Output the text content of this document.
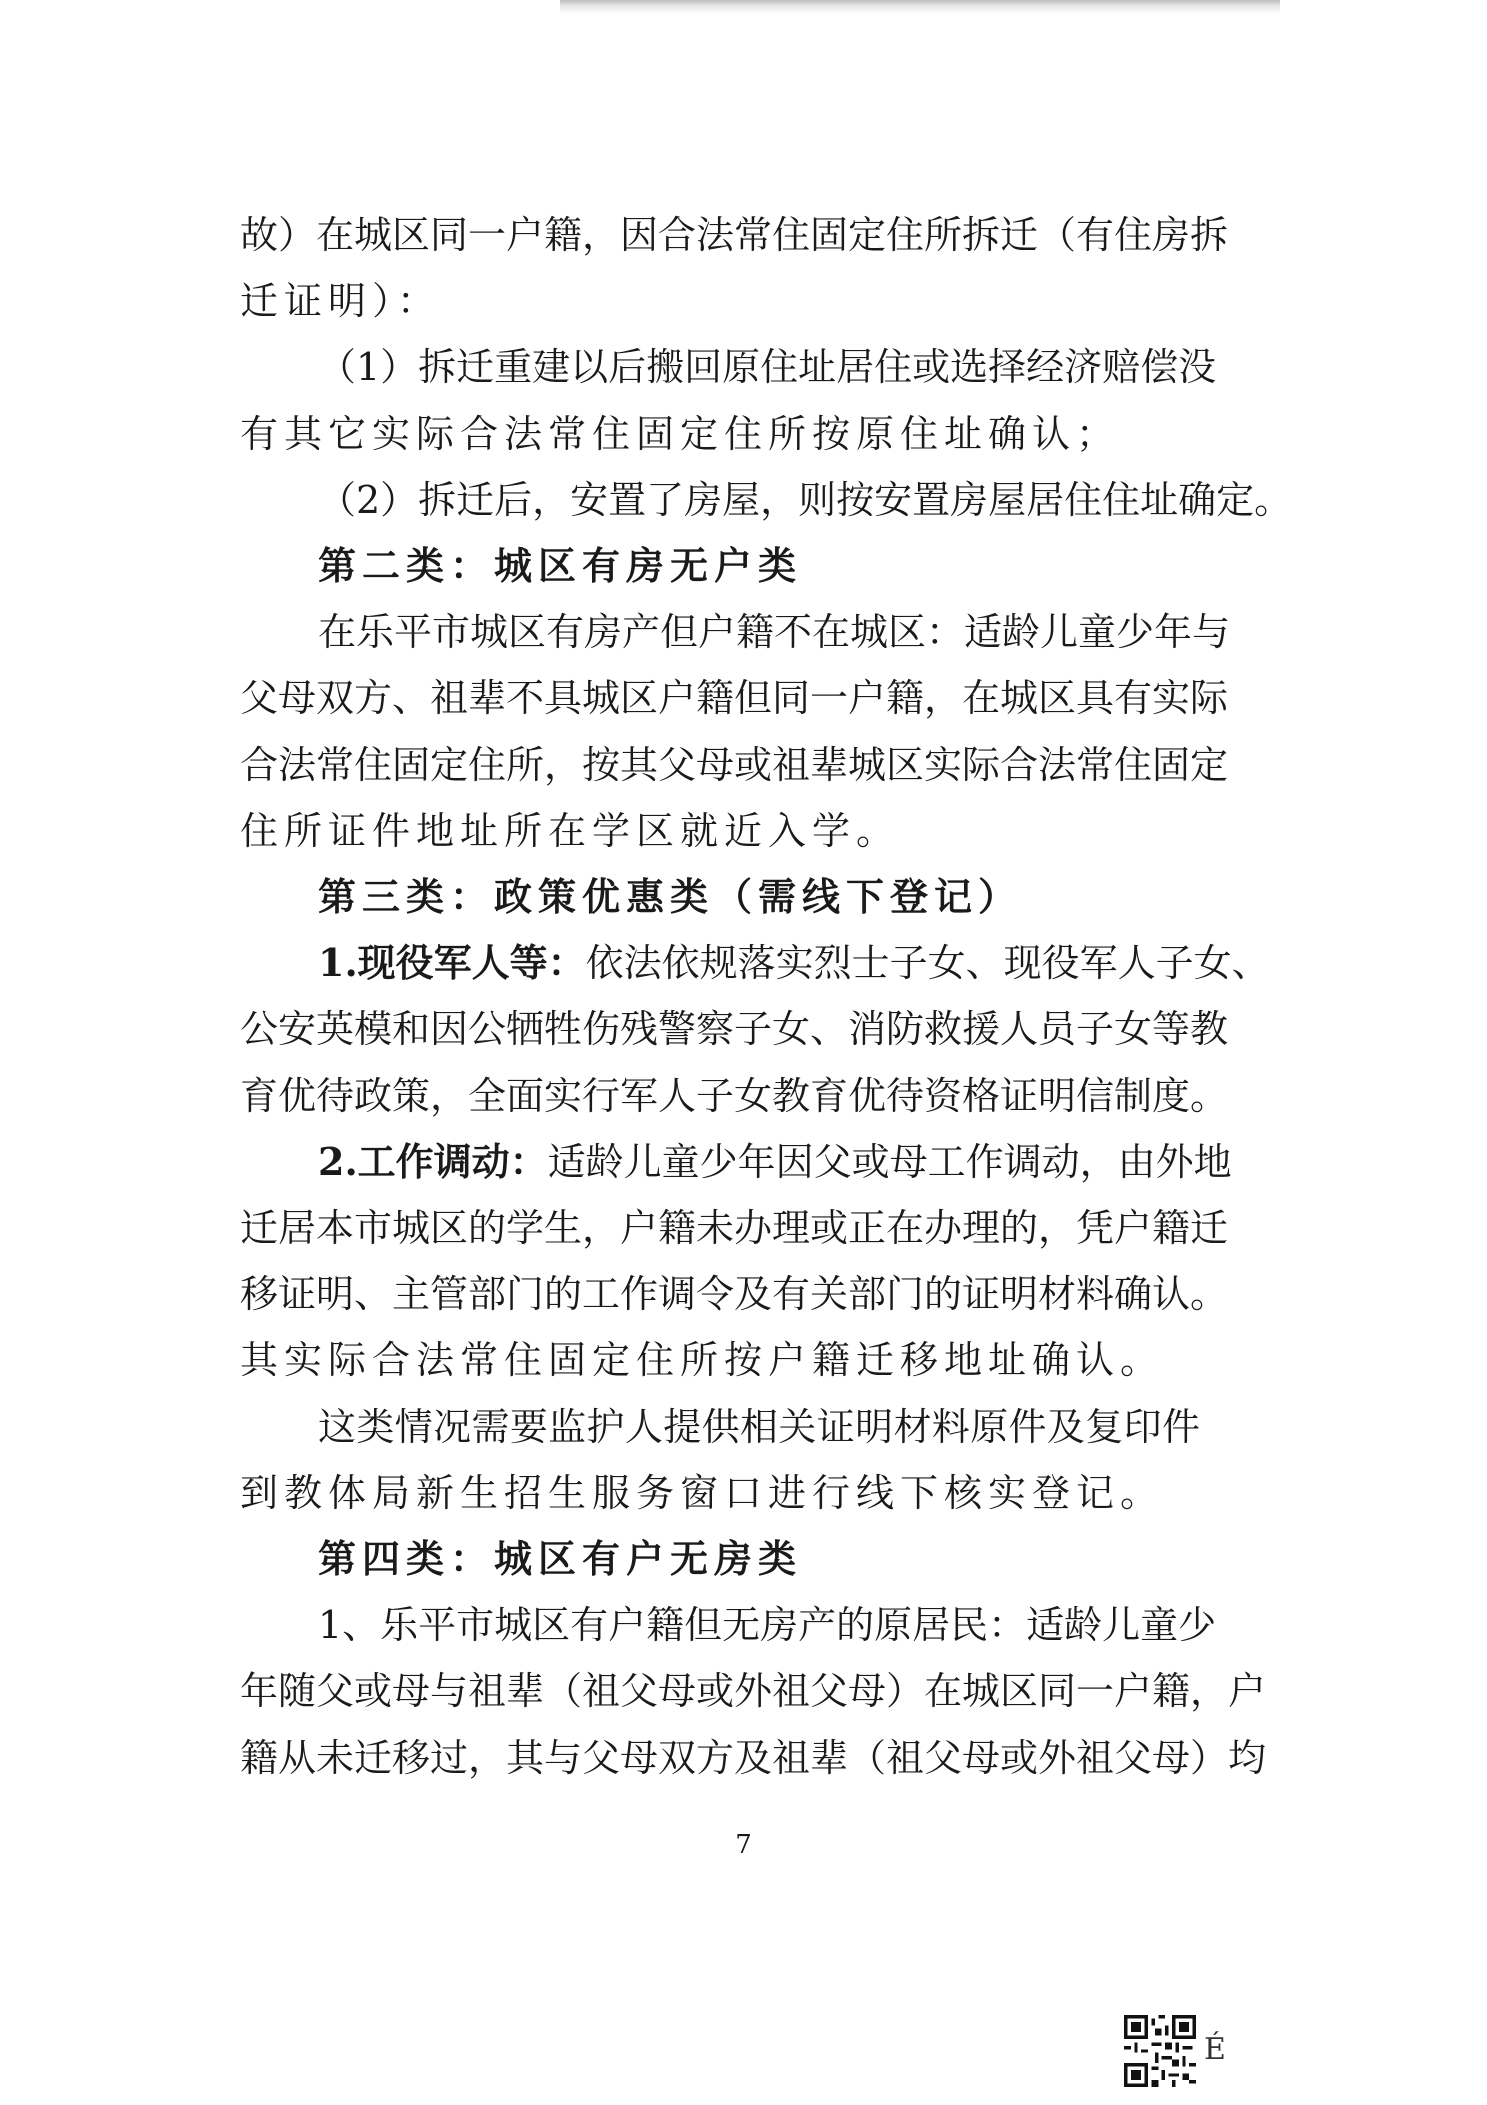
故）在城区同一户籍，因合法常住固定住所拆迁（有住房拆
迁证明）：
（1）拆迁重建以后搬回原住址居住或选择经济赔偿没
有其它实际合法常住固定住所按原住址确认；
（2）拆迁后，安置了房屋，则按安置房屋居住住址确定。
第二类：城区有房无户类
在乐平市城区有房产但户籍不在城区：适龄儿童少年与
父母双方、祖辈不具城区户籍但同一户籍，在城区具有实际
合法常住固定住所，按其父母或祖辈城区实际合法常住固定
住所证件地址所在学区就近入学。
第三类：政策优惠类（需线下登记）
1.现役军人等：依法依规落实烈士子女、现役军人子女、
公安英模和因公牺牲伤残警察子女、消防救援人员子女等教
育优待政策，全面实行军人子女教育优待资格证明信制度。
2.工作调动：适龄儿童少年因父或母工作调动，由外地
迁居本市城区的学生，户籍未办理或正在办理的，凭户籍迁
移证明、主管部门的工作调令及有关部门的证明材料确认。
其实际合法常住固定住所按户籍迁移地址确认。
这类情况需要监护人提供相关证明材料原件及复印件
到教体局新生招生服务窗口进行线下核实登记。
第四类：城区有户无房类
1、乐平市城区有户籍但无房产的原居民：适龄儿童少
年随父或母与祖辈（祖父母或外祖父母）在城区同一户籍，户
籍从未迁移过，其与父母双方及祖辈（祖父母或外祖父母）均
7
É
